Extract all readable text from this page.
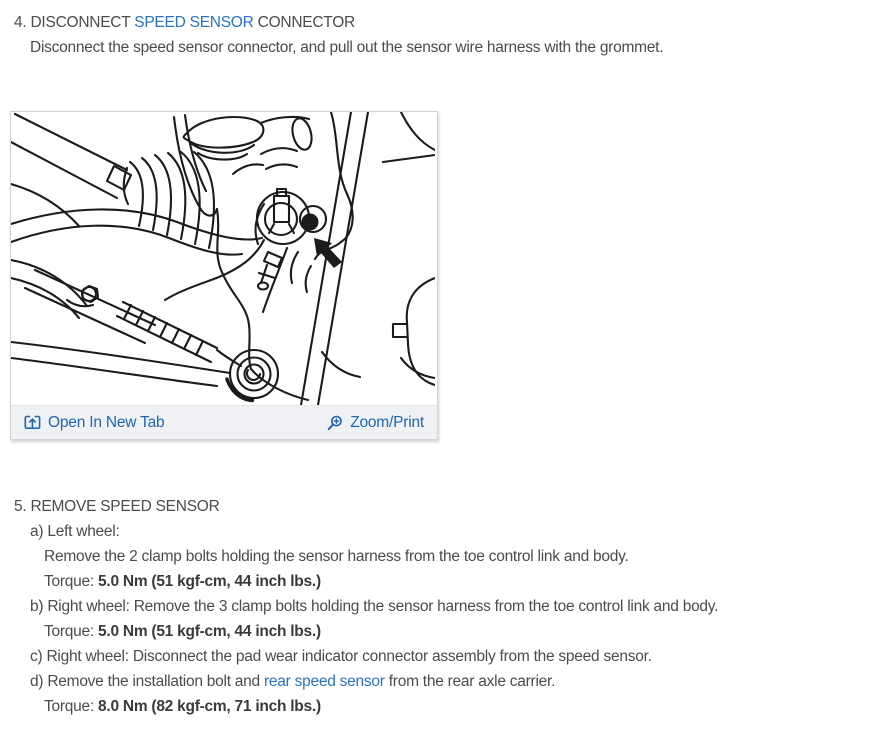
4. DISCONNECT SPEED SENSOR CONNECTOR
Disconnect the speed sensor connector, and pull out the sensor wire harness with the grommet.
Open In New Tab	Zoom/Print
5. REMOVE SPEED SENSOR
a) Left wheel:
Remove the 2 clamp bolts holding the sensor harness from the toe control link and body.
Torque: 5.0 Nm (51 kgf-cm, 44 inch lbs.)
b) Right wheel: Remove the 3 clamp bolts holding the sensor harness from the toe control link and body.
Torque: 5.0 Nm (51 kgf-cm, 44 inch lbs.)
c) Right wheel: Disconnect the pad wear indicator connector assembly from the speed sensor.
d) Remove the installation bolt and rear speed sensor from the rear axle carrier.
Torque: 8.0 Nm (82 kgf-cm, 71 inch lbs.)
